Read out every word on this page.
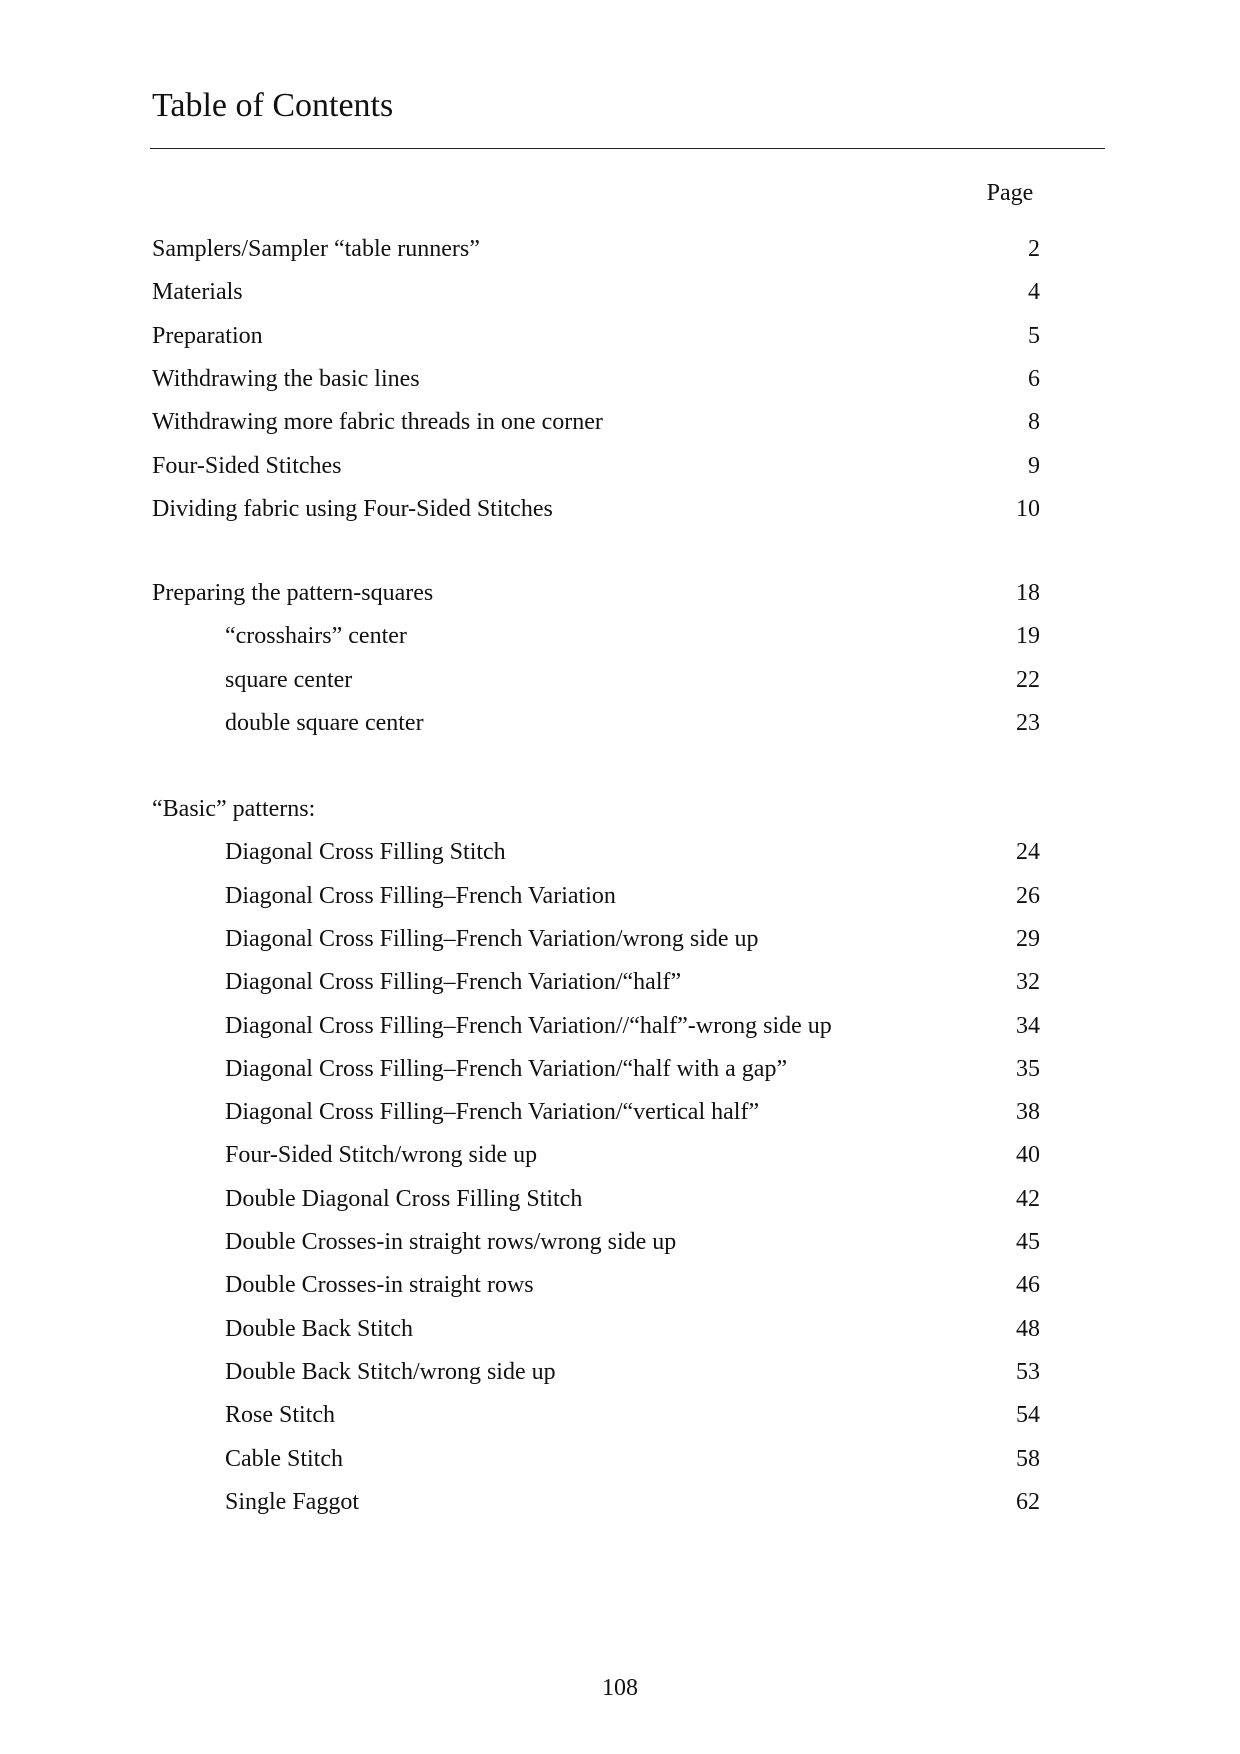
Table of Contents
Page
Samplers/Sampler “table runners”	2
Materials	4
Preparation	5
Withdrawing the basic lines	6
Withdrawing more fabric threads in one corner	8
Four-Sided Stitches	9
Dividing fabric using Four-Sided Stitches	10
Preparing the pattern-squares	18
“crosshairs” center	19
square center	22
double square center	23
“Basic” patterns:
Diagonal Cross Filling Stitch	24
Diagonal Cross Filling–French Variation	26
Diagonal Cross Filling–French Variation/wrong side up	29
Diagonal Cross Filling–French Variation/“half”	32
Diagonal Cross Filling–French Variation//“half”-wrong side up	34
Diagonal Cross Filling–French Variation/“half with a gap”	35
Diagonal Cross Filling–French Variation/“vertical half”	38
Four-Sided Stitch/wrong side up	40
Double Diagonal Cross Filling Stitch	42
Double Crosses-in straight rows/wrong side up	45
Double Crosses-in straight rows	46
Double Back Stitch	48
Double Back Stitch/wrong side up	53
Rose Stitch	54
Cable Stitch	58
Single Faggot	62
108
